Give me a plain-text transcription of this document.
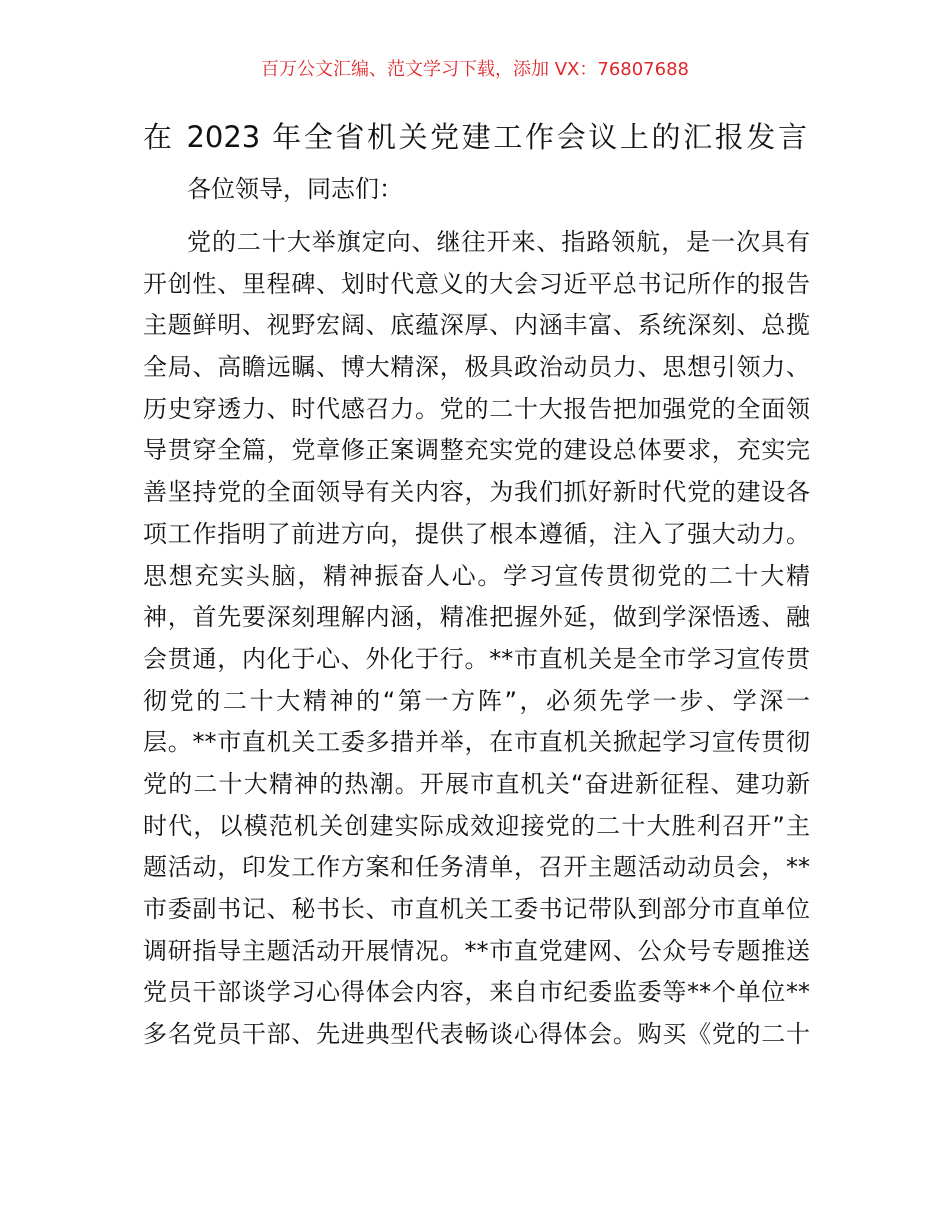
百万公文汇编、范文学习下载，添加 VX：76807688
在 2023 年全省机关党建工作会议上的汇报发言
各位领导，同志们：
党的二十大举旗定向、继往开来、指路领航，是一次具有
开创性、里程碑、划时代意义的大会习近平总书记所作的报告
主题鲜明、视野宏阔、底蕴深厚、内涵丰富、系统深刻、总揽
全局、高瞻远瞩、博大精深，极具政治动员力、思想引领力、
历史穿透力、时代感召力。党的二十大报告把加强党的全面领
导贯穿全篇，党章修正案调整充实党的建设总体要求，充实完
善坚持党的全面领导有关内容，为我们抓好新时代党的建设各
项工作指明了前进方向，提供了根本遵循，注入了强大动力。
思想充实头脑，精神振奋人心。学习宣传贯彻党的二十大精
神，首先要深刻理解内涵，精准把握外延，做到学深悟透、融
会贯通，内化于心、外化于行。**市直机关是全市学习宣传贯
彻党的二十大精神的“第一方阵”，必须先学一步、学深一
层。**市直机关工委多措并举，在市直机关掀起学习宣传贯彻
党的二十大精神的热潮。开展市直机关“奋进新征程、建功新
时代，以模范机关创建实际成效迎接党的二十大胜利召开”主
题活动，印发工作方案和任务清单，召开主题活动动员会，**
市委副书记、秘书长、市直机关工委书记带队到部分市直单位
调研指导主题活动开展情况。**市直党建网、公众号专题推送
党员干部谈学习心得体会内容，来自市纪委监委等**个单位**
多名党员干部、先进典型代表畅谈心得体会。购买《党的二十
